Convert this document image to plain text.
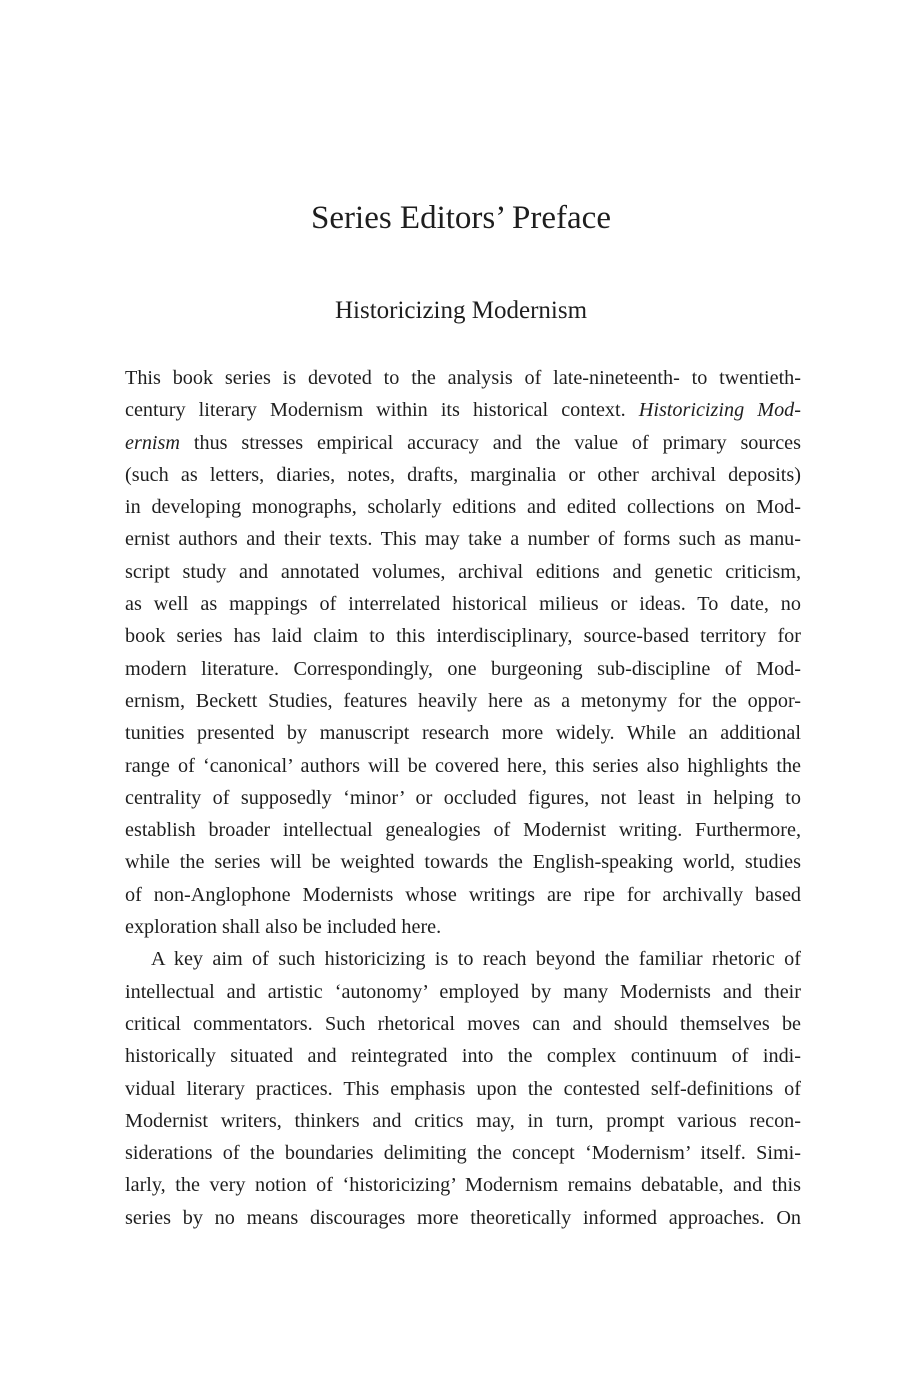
Series Editors’ Preface
Historicizing Modernism
This book series is devoted to the analysis of late-nineteenth- to twentieth-
century literary Modernism within its historical context. Historicizing Mod-
ernism thus stresses empirical accuracy and the value of primary sources
(such as letters, diaries, notes, drafts, marginalia or other archival deposits)
in developing monographs, scholarly editions and edited collections on Mod-
ernist authors and their texts. This may take a number of forms such as manu-
script study and annotated volumes, archival editions and genetic criticism,
as well as mappings of interrelated historical milieus or ideas. To date, no
book series has laid claim to this interdisciplinary, source-based territory for
modern literature. Correspondingly, one burgeoning sub-discipline of Mod-
ernism, Beckett Studies, features heavily here as a metonymy for the oppor-
tunities presented by manuscript research more widely. While an additional
range of ‘canonical’ authors will be covered here, this series also highlights the
centrality of supposedly ‘minor’ or occluded figures, not least in helping to
establish broader intellectual genealogies of Modernist writing. Furthermore,
while the series will be weighted towards the English-speaking world, studies
of non-Anglophone Modernists whose writings are ripe for archivally based
exploration shall also be included here.
A key aim of such historicizing is to reach beyond the familiar rhetoric of
intellectual and artistic ‘autonomy’ employed by many Modernists and their
critical commentators. Such rhetorical moves can and should themselves be
historically situated and reintegrated into the complex continuum of indi-
vidual literary practices. This emphasis upon the contested self-definitions of
Modernist writers, thinkers and critics may, in turn, prompt various recon-
siderations of the boundaries delimiting the concept ‘Modernism’ itself. Simi-
larly, the very notion of ‘historicizing’ Modernism remains debatable, and this
series by no means discourages more theoretically informed approaches. On
